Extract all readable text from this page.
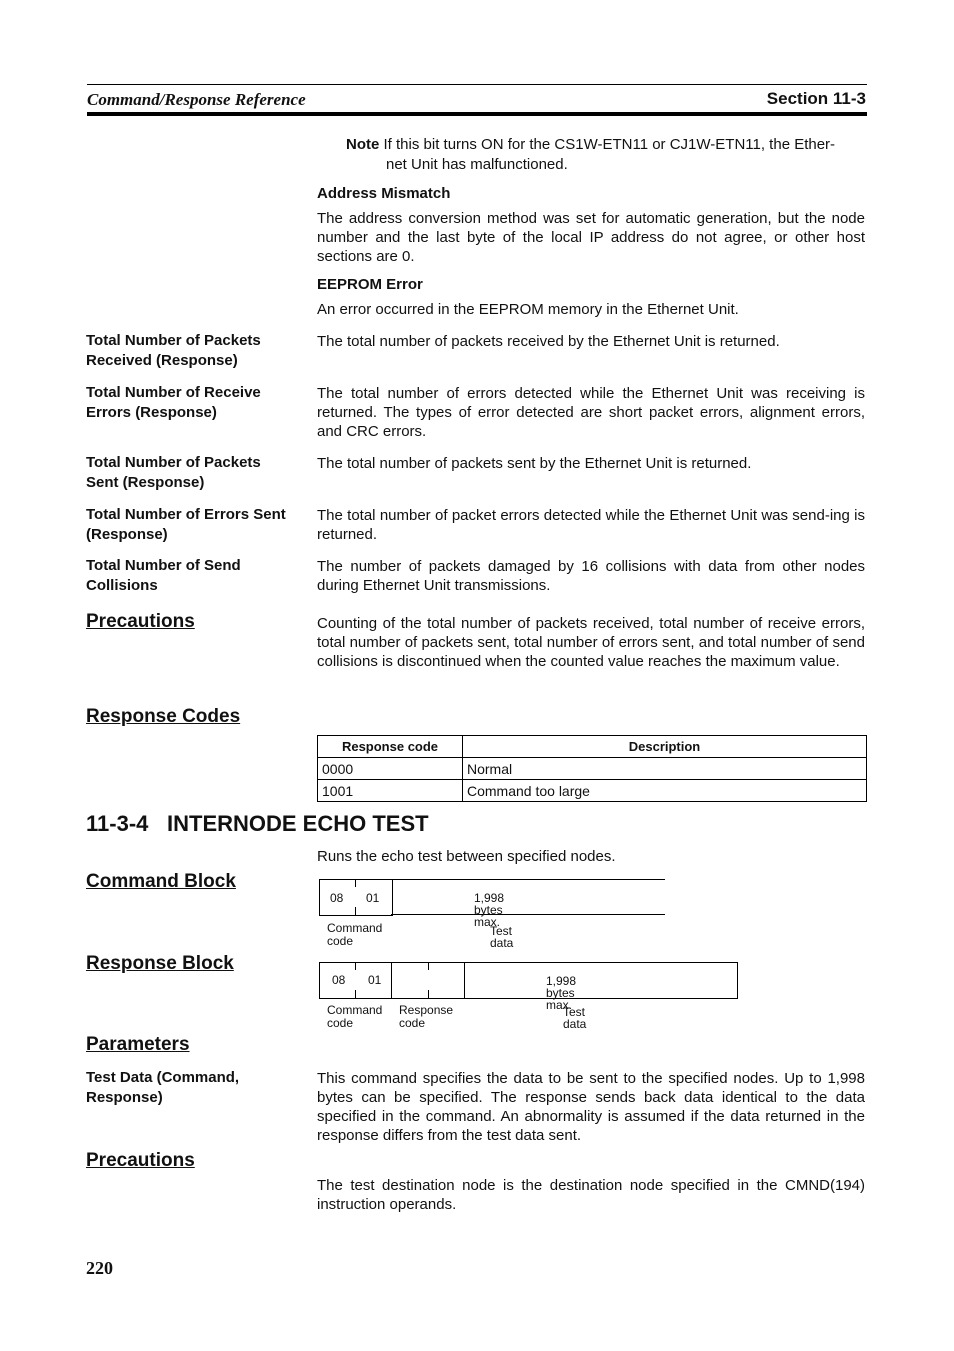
Command/Response Reference	Section 11-3
Note If this bit turns ON for the CS1W-ETN11 or CJ1W-ETN11, the Ether-
net Unit has malfunctioned.
Address Mismatch
The address conversion method was set for automatic generation, but the node number and the last byte of the local IP address do not agree, or other host sections are 0.
EEPROM Error
An error occurred in the EEPROM memory in the Ethernet Unit.
Total Number of Packets Received (Response)
The total number of packets received by the Ethernet Unit is returned.
Total Number of Receive Errors (Response)
The total number of errors detected while the Ethernet Unit was receiving is returned. The types of error detected are short packet errors, alignment errors, and CRC errors.
Total Number of Packets Sent (Response)
The total number of packets sent by the Ethernet Unit is returned.
Total Number of Errors Sent (Response)
The total number of packet errors detected while the Ethernet Unit was send-ing is returned.
Total Number of Send Collisions
The number of packets damaged by 16 collisions with data from other nodes during Ethernet Unit transmissions.
Precautions	Counting of the total number of packets received, total number of receive errors, total number of packets sent, total number of errors sent, and total number of send collisions is discontinued when the counted value reaches the maximum value.
Response Codes
Response code	Description
0000	Normal
1001	Command too large
11-3-4 INTERNODE ECHO TEST
Runs the echo test between specified nodes.
Command Block
08 01	1,998 bytes max.
Command
code
Test data
Response Block
08 01	1,998 bytes max.
Command
code
Response
code
Test data
Parameters
Test Data (Command, Response)
This command specifies the data to be sent to the specified nodes. Up to 1,998 bytes can be specified. The response sends back data identical to the data specified in the command. An abnormality is assumed if the data returned in the response differs from the test data sent.
Precautions
The test destination node is the destination node specified in the CMND(194) instruction operands.
220
